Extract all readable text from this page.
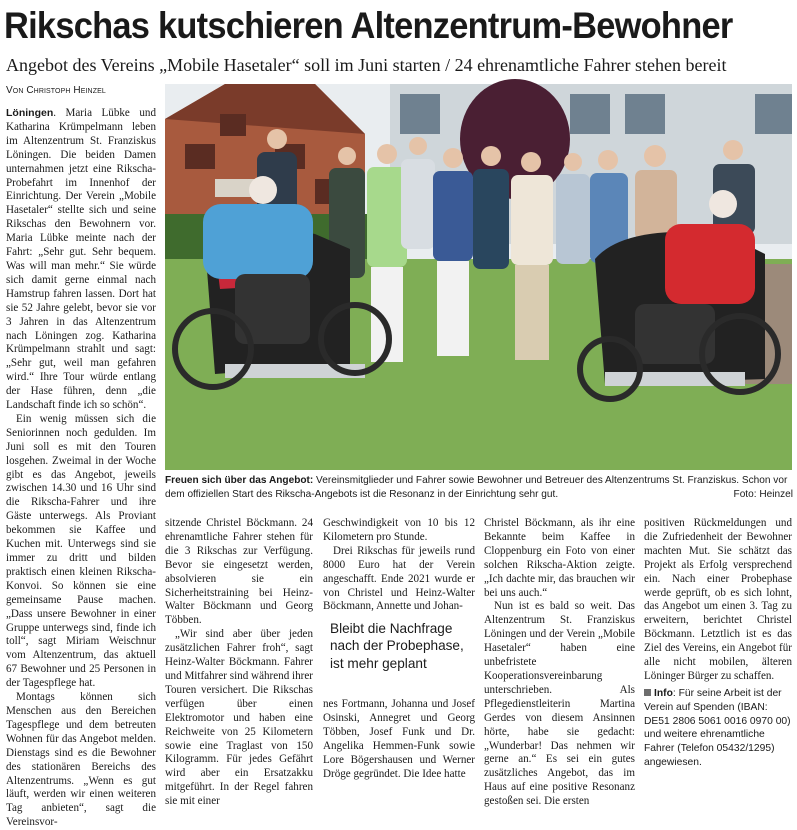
Rikschas kutschieren Altenzentrum-Bewohner
Angebot des Vereins „Mobile Hasetaler“ soll im Juni starten / 24 ehrenamtliche Fahrer stehen bereit
Von Christoph Heinzel

Löningen. Maria Lübke und Katharina Krümpelmann leben im Altenzentrum St. Franziskus Löningen. Die beiden Damen unternahmen jetzt eine Rikscha-Probefahrt im Innenhof der Einrichtung. Der Verein „Mobile Hasetaler“ stellte sich und seine Rikschas den Bewohnern vor. Maria Lübke meinte nach der Fahrt: „Sehr gut. Sehr bequem. Was will man mehr.“ Sie würde sich damit gerne einmal nach Hamstrup fahren lassen. Dort hat sie 52 Jahre gelebt, bevor sie vor 3 Jahren in das Altenzentrum nach Löningen zog. Katharina Krümpelmann strahlt und sagt: „Sehr gut, weil man gefahren wird.“ Ihre Tour würde entlang der Hase führen, denn „die Landschaft finde ich so schön“.

Ein wenig müssen sich die Seniorinnen noch gedulden. Im Juni soll es mit den Touren losgehen. Zweimal in der Woche gibt es das Angebot, jeweils zwischen 14.30 und 16 Uhr sind die Rikscha-Fahrer und ihre Gäste unterwegs. Als Proviant bekommen sie Kaffee und Kuchen mit. Unterwegs sind sie immer zu dritt und bilden praktisch einen kleinen Rikscha-Konvoi. So können sie eine gemeinsame Pause machen. „Dass unsere Bewohner in einer Gruppe unterwegs sind, finde ich toll“, sagt Miriam Weischnur vom Altenzentrum, das aktuell 67 Bewohner und 25 Personen in der Tagespflege hat.

Montags können sich Menschen aus den Bereichen Tagespflege und dem betreuten Wohnen für das Angebot melden. Dienstags sind es die Bewohner des stationären Bereichs des Altenzentrums. „Wenn es gut läuft, werden wir einen weiteren Tag anbieten“, sagt die Vereinsvor-

Freuen sich über das Angebot: Vereinsmitglieder und Fahrer sowie Bewohner und Betreuer des Altenzentrums St. Franziskus. Schon vor dem offiziellen Start des Rikscha-Angebots ist die Resonanz in der Einrichtung sehr gut.	Foto: Heinzel

sitzende Christel Böckmann. 24 ehrenamtliche Fahrer stehen für die 3 Rikschas zur Verfügung. Bevor sie eingesetzt werden, absolvieren sie ein Sicherheitstraining bei Heinz-Walter Böckmann und Georg Többen.

„Wir sind aber über jeden zusätzlichen Fahrer froh“, sagt Heinz-Walter Böckmann. Fahrer und Mitfahrer sind während ihrer Touren versichert. Die Rikschas verfügen über einen Elektromotor und haben eine Reichweite von 25 Kilometern sowie eine Traglast von 150 Kilogramm. Für jedes Gefährt wird aber ein Ersatzakku mitgeführt. In der Regel fahren sie mit einer

Geschwindigkeit von 10 bis 12 Kilometern pro Stunde.

Drei Rikschas für jeweils rund 8000 Euro hat der Verein angeschafft. Ende 2021 wurde er von Christel und Heinz-Walter Böckmann, Annette und Johan-

nes Fortmann, Johanna und Josef Osinski, Annegret und Georg Többen, Josef Funk und Dr. Angelika Hemmen-Funk sowie Lore Bögershausen und Werner Dröge gegründet. Die Idee hatte

Bleibt die Nachfrage nach der Probephase, ist mehr geplant

Christel Böckmann, als ihr eine Bekannte beim Kaffee in Cloppenburg ein Foto von einer solchen Rikscha-Aktion zeigte. „Ich dachte mir, das brauchen wir bei uns auch.“

Nun ist es bald so weit. Das Altenzentrum St. Franziskus Löningen und der Verein „Mobile Hasetaler“ haben eine unbefristete Kooperationsvereinbarung unterschrieben. Als Pflegedienstleiterin Martina Gerdes von diesem Ansinnen hörte, habe sie gedacht: „Wunderbar! Das nehmen wir gerne an.“ Es sei ein gutes zusätzliches Angebot, das im Haus auf eine positive Resonanz gestoßen sei. Die ersten

positiven Rückmeldungen und die Zufriedenheit der Bewohner machten Mut. Sie schätzt das Projekt als Erfolg versprechend ein. Nach einer Probephase werde geprüft, ob es sich lohnt, das Angebot um einen 3. Tag zu erweitern, berichtet Christel Böckmann. Letztlich ist es das Ziel des Vereins, ein Angebot für alle nicht mobilen, älteren Löninger Bürger zu schaffen.

Info: Für seine Arbeit ist der Verein auf Spenden (IBAN: DE51 2806 5061 0016 0970 00) und weitere ehrenamtliche Fahrer (Telefon 05432/1295) angewiesen.
